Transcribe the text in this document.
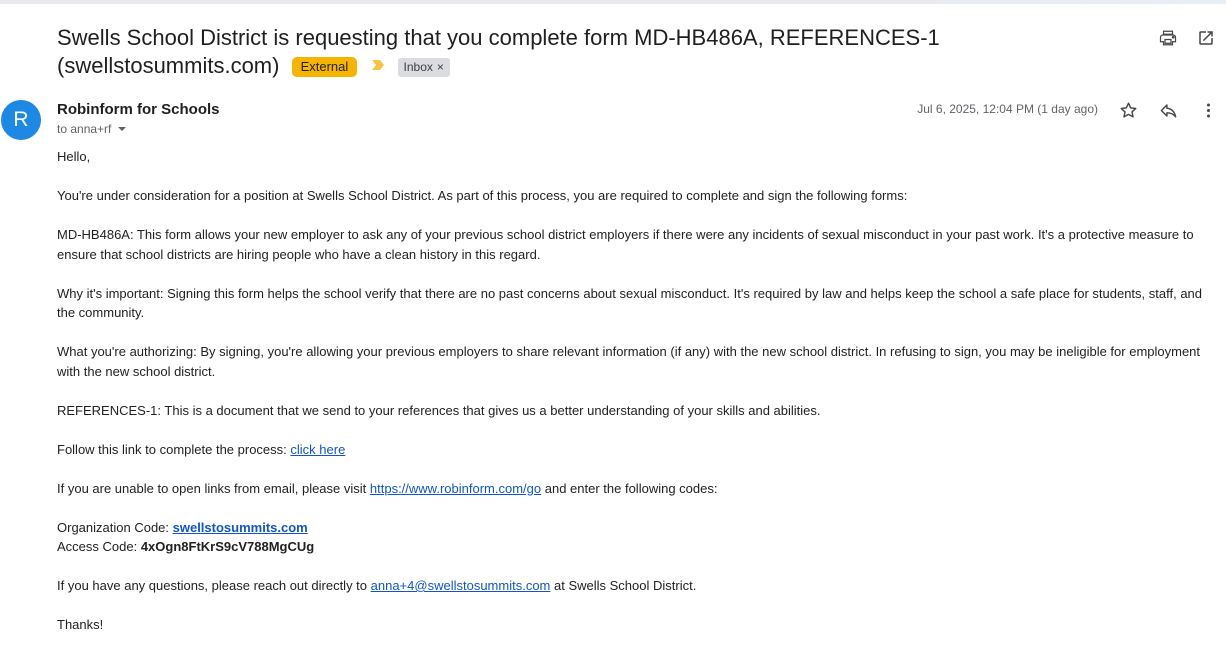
Swells School District is requesting that you complete form MD-HB486A, REFERENCES-1 (swellstosummits.com) External	Inbox ×
R	Robinform for Schools
to anna+rf
Jul 6, 2025, 12:04 PM (1 day ago)

Hello,

You're under consideration for a position at Swells School District. As part of this process, you are required to complete and sign the following forms:

MD-HB486A: This form allows your new employer to ask any of your previous school district employers if there were any incidents of sexual misconduct in your past work. It's a protective measure to ensure that school districts are hiring people who have a clean history in this regard.

Why it's important: Signing this form helps the school verify that there are no past concerns about sexual misconduct. It's required by law and helps keep the school a safe place for students, staff, and the community.

What you're authorizing: By signing, you're allowing your previous employers to share relevant information (if any) with the new school district. In refusing to sign, you may be ineligible for employment with the new school district.

REFERENCES-1: This is a document that we send to your references that gives us a better understanding of your skills and abilities.

Follow this link to complete the process: click here

If you are unable to open links from email, please visit https://www.robinform.com/go and enter the following codes:

Organization Code: swellstosummits.com
Access Code: 4xOgn8FtKrS9cV788MgCUg

If you have any questions, please reach out directly to anna+4@swellstosummits.com at Swells School District.

Thanks!
